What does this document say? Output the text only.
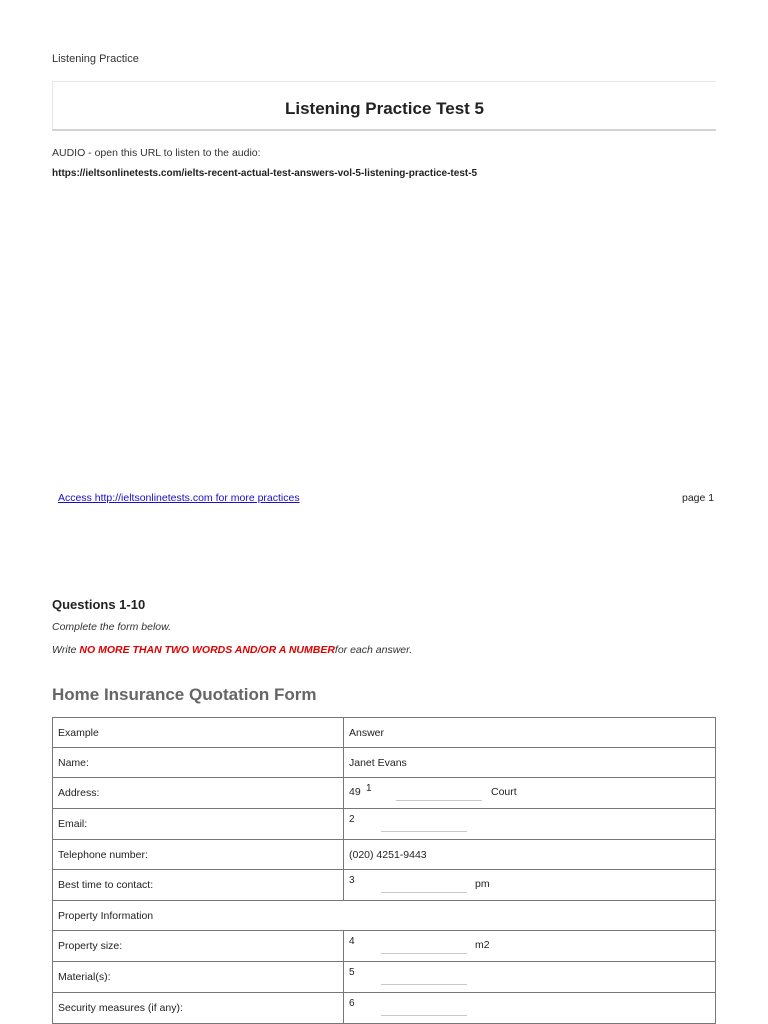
Listening Practice
Listening Practice Test 5
AUDIO - open this URL to listen to the audio:
https://ieltsonlinetests.com/ielts-recent-actual-test-answers-vol-5-listening-practice-test-5
Access http://ieltsonlinetests.com for more practices	page 1
Questions 1-10
Complete the form below.
Write NO MORE THAN TWO WORDS AND/OR A NUMBERfor each answer.
Home Insurance Quotation Form
Example	Answer
Name:	Janet Evans
Address:	49 1 Court

Email:	2

Telephone number:	(020) 4251-9443
Best time to contact:	3 pm

Property Information	
Property size:	4 m2

Material(s):	5

Security measures (if any):	6
